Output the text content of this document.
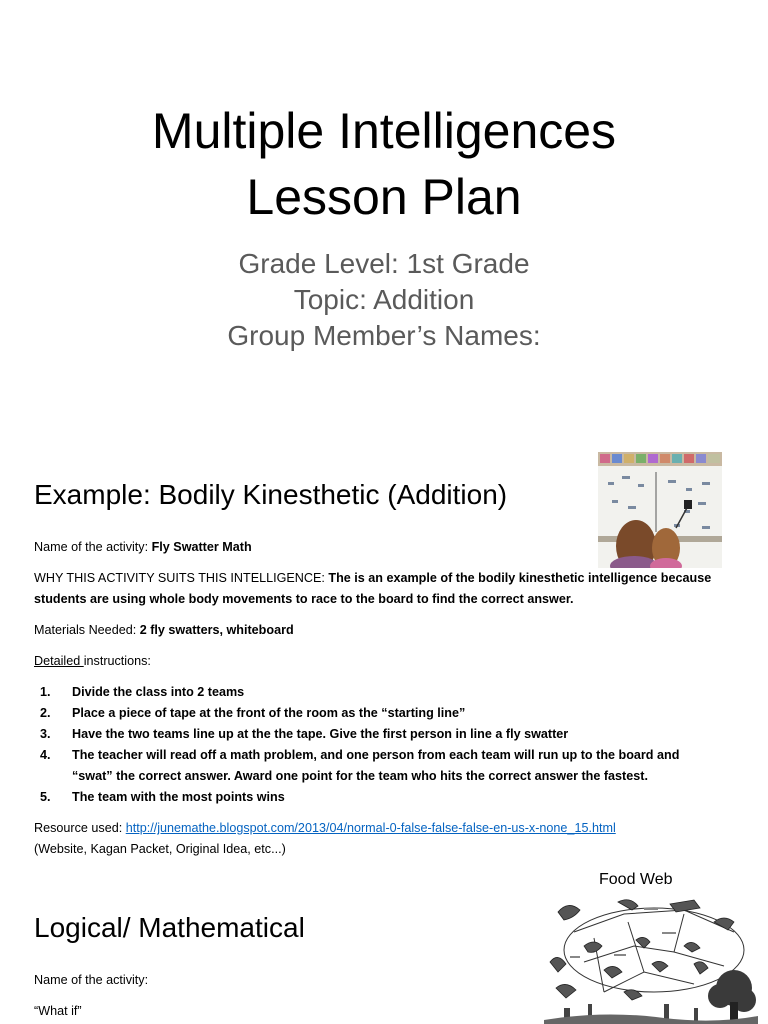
Multiple Intelligences
Lesson Plan
Grade Level: 1st Grade
Topic: Addition
Group Member’s Names:
Example: Bodily Kinesthetic (Addition)
Name of the activity: Fly Swatter Math
WHY THIS ACTIVITY SUITS THIS INTELLIGENCE: The is an example of the bodily kinesthetic intelligence because
students are using whole body movements to race to the board to find the correct answer.
Materials Needed: 2 fly swatters, whiteboard
Detailed instructions:
1. Divide the class into 2 teams
2. Place a piece of tape at the front of the room as the “starting line”
3. Have the two teams line up at the the tape. Give the first person in line a fly swatter
4. The teacher will read off a math problem, and one person from each team will run up to the board and
“swat” the correct answer. Award one point for the team who hits the correct answer the fastest.
5. The team with the most points wins
Resource used: http://junemathe.blogspot.com/2013/04/normal-0-false-false-false-en-us-x-none_15.html
(Website, Kagan Packet, Original Idea, etc...)
Food Web
Logical/ Mathematical
Name of the activity:
“What if”
